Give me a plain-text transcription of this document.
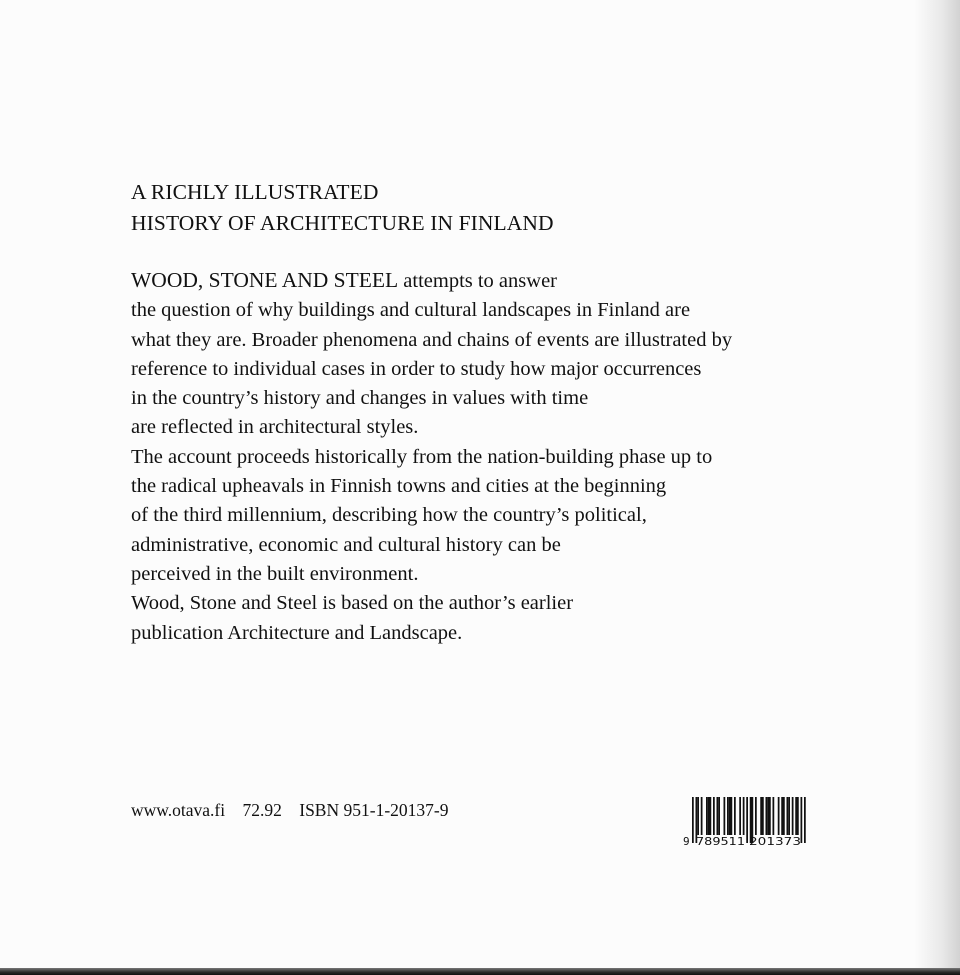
A RICHLY ILLUSTRATED
HISTORY OF ARCHITECTURE IN FINLAND
WOOD, STONE AND STEEL attempts to answer
the question of why buildings and cultural landscapes in Finland are
what they are. Broader phenomena and chains of events are illustrated by
reference to individual cases in order to study how major occurrences
in the country’s history and changes in values with time
are reflected in architectural styles.
The account proceeds historically from the nation-building phase up to
the radical upheavals in Finnish towns and cities at the beginning
of the third millennium, describing how the country’s political,
administrative, economic and cultural history can be
perceived in the built environment.
Wood, Stone and Steel is based on the author’s earlier
publication Architecture and Landscape.
www.otava.fi 72.92 ISBN 951-1-20137-9
9 789511 201373
